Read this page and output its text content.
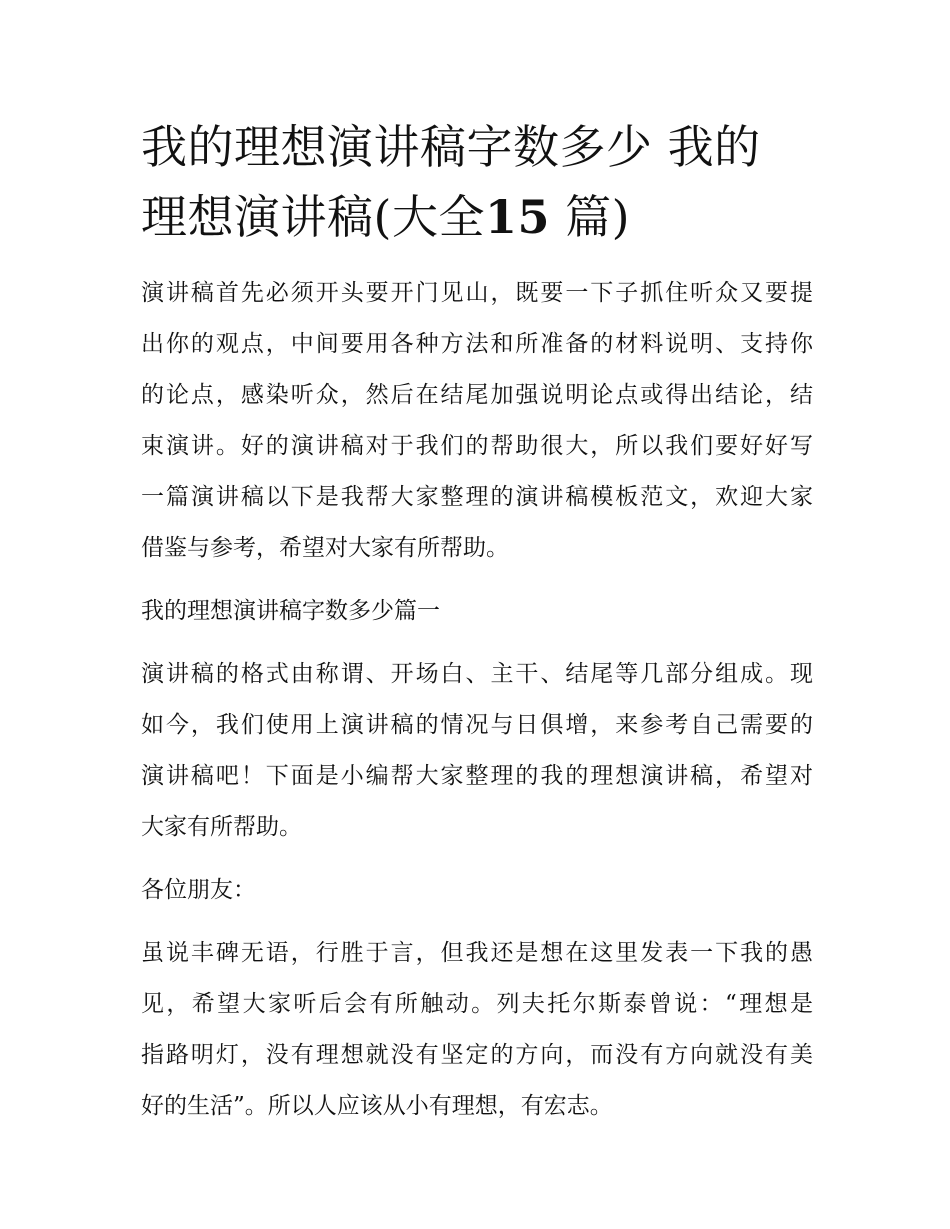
我的理想演讲稿字数多少 我的
理想演讲稿(大全15 篇)

演讲稿首先必须开头要开门见山，既要一下子抓住听众又要提
出你的观点，中间要用各种方法和所准备的材料说明、支持你
的论点，感染听众，然后在结尾加强说明论点或得出结论，结
束演讲。好的演讲稿对于我们的帮助很大，所以我们要好好写
一篇演讲稿以下是我帮大家整理的演讲稿模板范文，欢迎大家
借鉴与参考，希望对大家有所帮助。

我的理想演讲稿字数多少篇一

演讲稿的格式由称谓、开场白、主干、结尾等几部分组成。现
如今，我们使用上演讲稿的情况与日俱增，来参考自己需要的
演讲稿吧！下面是小编帮大家整理的我的理想演讲稿，希望对
大家有所帮助。

各位朋友：

虽说丰碑无语，行胜于言，但我还是想在这里发表一下我的愚
见，希望大家听后会有所触动。列夫托尔斯泰曾说：“理想是
指路明灯，没有理想就没有坚定的方向，而没有方向就没有美
好的生活”。所以人应该从小有理想，有宏志。
